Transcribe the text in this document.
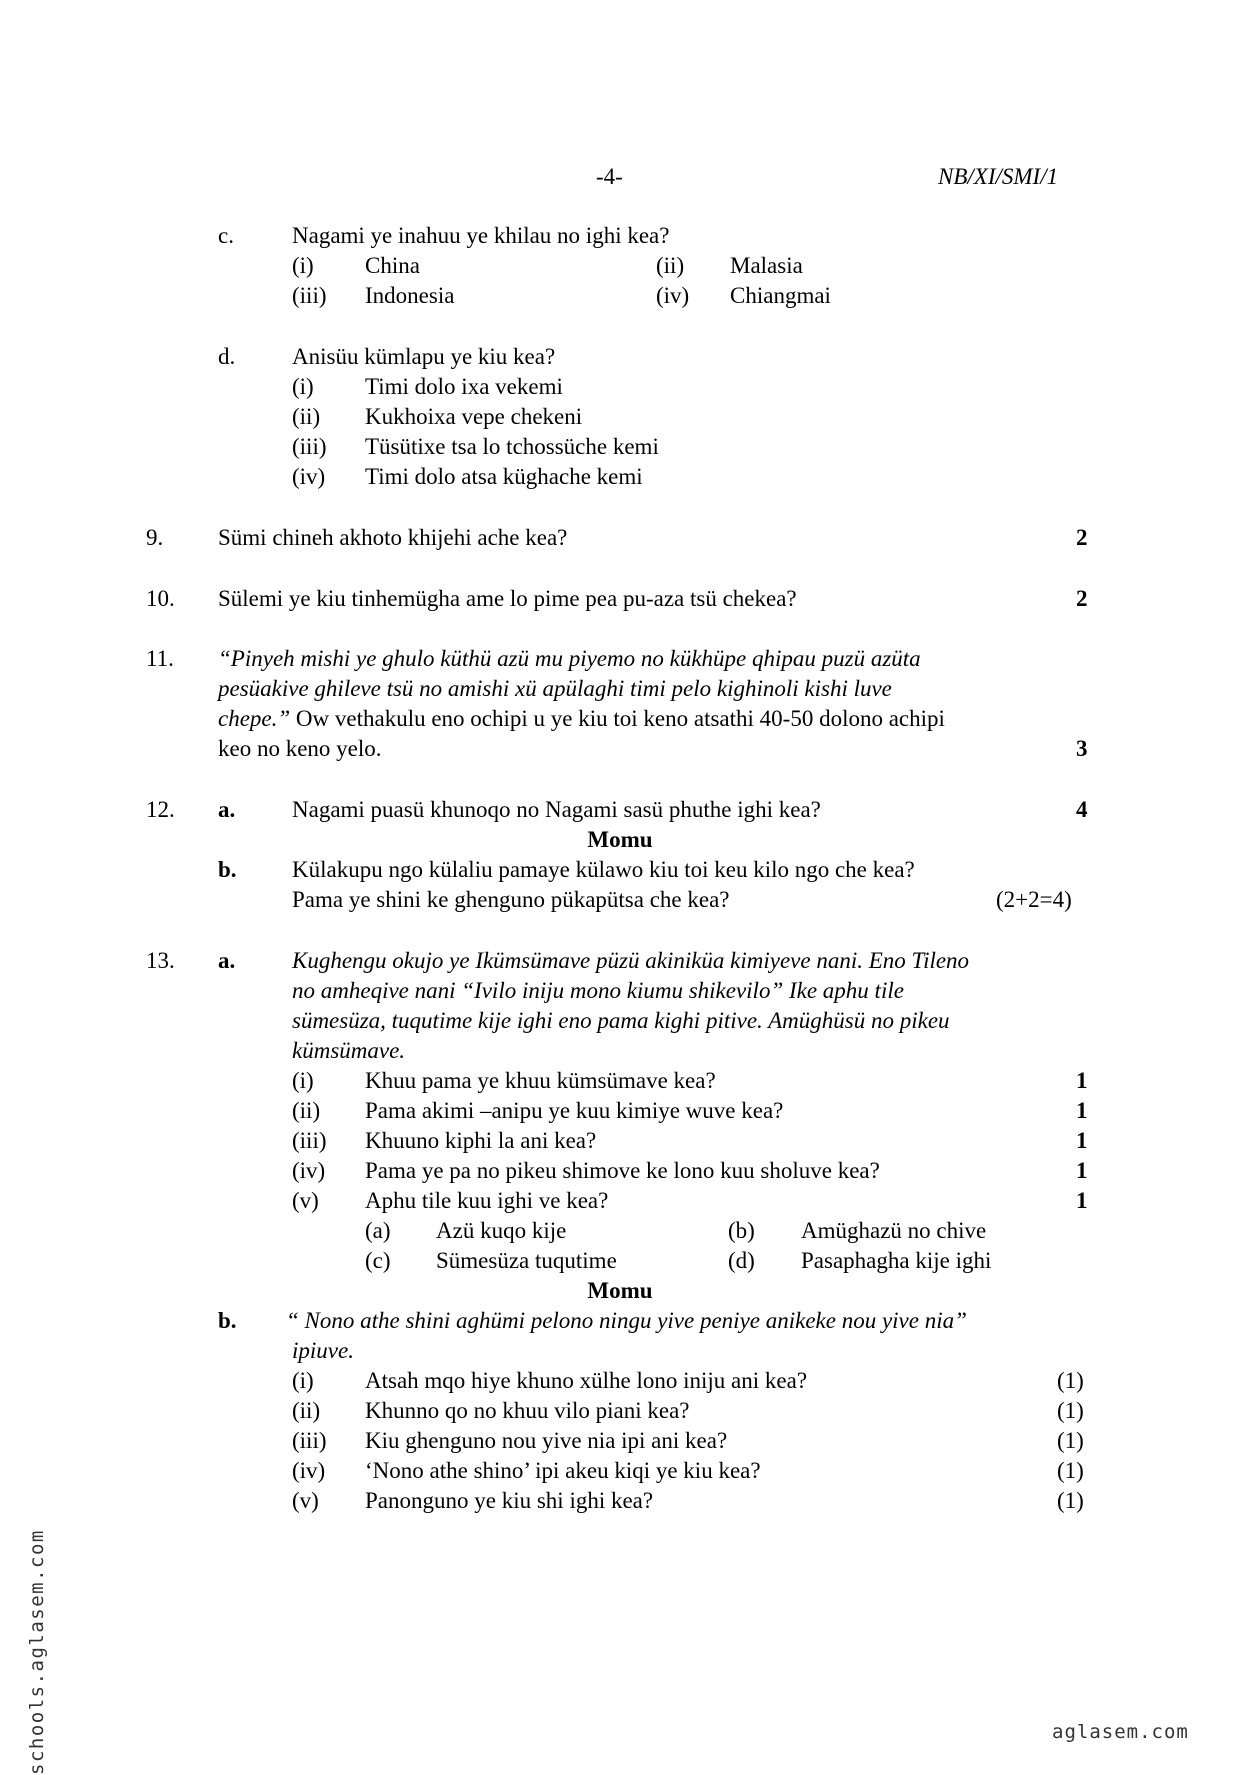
-4-	NB/XI/SMI/1
c.	Nagami ye inahuu ye khilau no ighi kea?
(i) China	(ii) Malasia
(iii) Indonesia	(iv) Chiangmai
d. Anisüu kümlapu ye kiu kea?
(i) Timi dolo ixa vekemi
(ii) Kukhoixa vepe chekeni
(iii) Tüsütixe tsa lo tchossüche kemi
(iv) Timi dolo atsa küghache kemi
9. Sümi chineh akhoto khijehi ache kea?	2
10. Sülemi ye kiu tinhemügha ame lo pime pea pu-aza tsü chekea?	2
11. “Pinyeh mishi ye ghulo küthü azü mu piyemo no kükhüpe qhipau puzü azüta
pesüakive ghileve tsü no amishi xü apülaghi timi pelo kighinoli kishi luve
chepe.” Ow vethakulu eno ochipi u ye kiu toi keno atsathi 40-50 dolono achipi
keo no keno yelo.	3
12. a. Nagami puasü khunoqo no Nagami sasü phuthe ighi kea?	4
Momu
b. Külakupu ngo külaliu pamaye külawo kiu toi keu kilo ngo che kea?
Pama ye shini ke ghenguno pükapütsa che kea?	(2+2=4)
13. a. Kughengu okujo ye Ikümsümave püzü akiniküa kimiyeve nani. Eno Tileno
no amheqive nani “Ivilo iniju mono kiumu shikevilo” Ike aphu tile
sümesüza, tuqutime kije ighi eno pama kighi pitive. Amüghüsü no pikeu
kümsümave.
(i) Khuu pama ye khuu kümsümave kea?	1
(ii) Pama akimi –anipu ye kuu kimiye wuve kea?	1
(iii) Khuuno kiphi la ani kea?	1
(iv) Pama ye pa no pikeu shimove ke lono kuu sholuve kea?	1
(v) Aphu tile kuu ighi ve kea?	1
(a) Azü kuqo kije	(b) Amüghazü no chive
(c) Sümesüza tuqutime	(d) Pasaphagha kije ighi
Momu
b. “ Nono athe shini aghümi pelono ningu yive peniye anikeke nou yive nia”
ipiuve.
(i) Atsah mqo hiye khuno xülhe lono iniju ani kea?	(1)
(ii) Khunno qo no khuu vilo piani kea?	(1)
(iii) Kiu ghenguno nou yive nia ipi ani kea?	(1)
(iv) ‘Nono athe shino’ ipi akeu kiqi ye kiu kea?	(1)
(v) Panonguno ye kiu shi ighi kea?	(1)
schools.aglasem.com	aglasem.com
